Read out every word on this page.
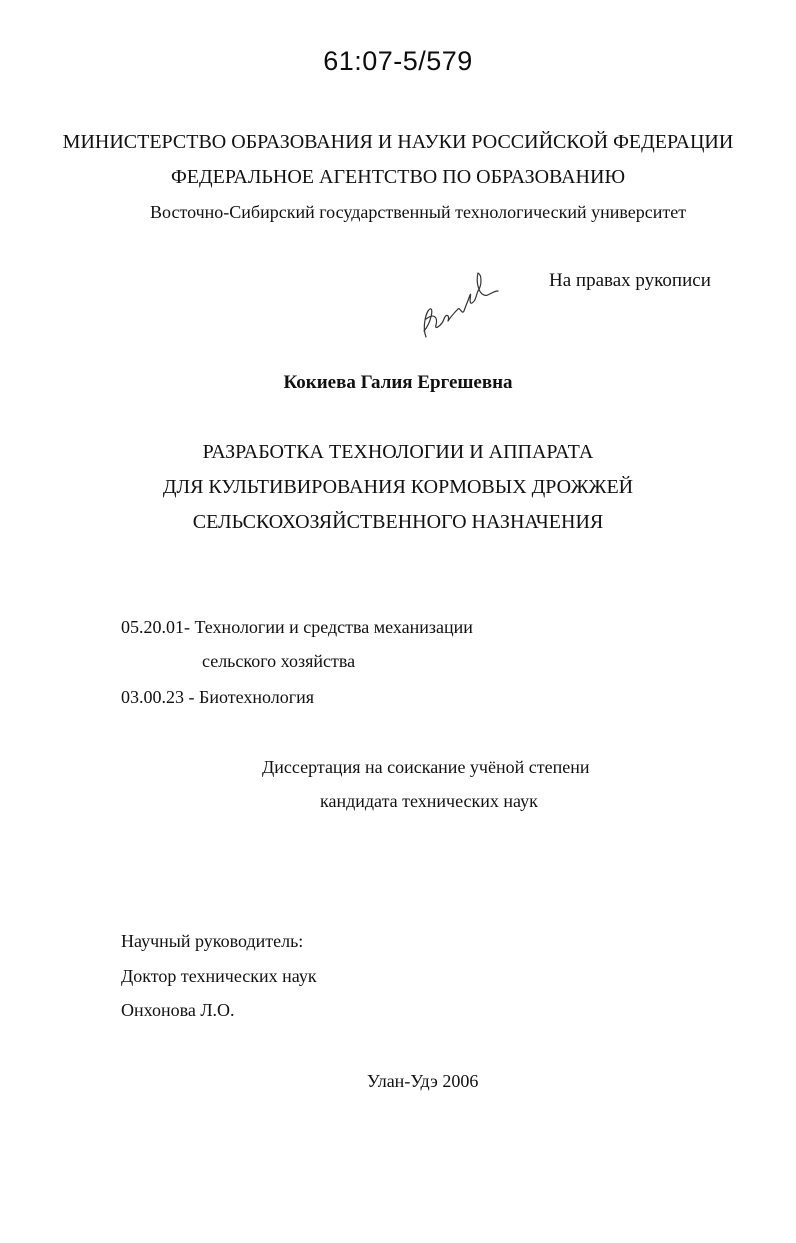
61:07-5/579
МИНИСТЕРСТВО ОБРАЗОВАНИЯ И НАУКИ РОССИЙСКОЙ ФЕДЕРАЦИИ
ФЕДЕРАЛЬНОЕ АГЕНТСТВО ПО ОБРАЗОВАНИЮ
Восточно-Сибирский государственный технологический университет
На правах рукописи
Кокиева Галия Ергешевна
РАЗРАБОТКА ТЕХНОЛОГИИ И АППАРАТА
ДЛЯ КУЛЬТИВИРОВАНИЯ КОРМОВЫХ ДРОЖЖЕЙ
СЕЛЬСКОХОЗЯЙСТВЕННОГО НАЗНАЧЕНИЯ
05.20.01- Технологии и средства механизации
сельского хозяйства
03.00.23 - Биотехнология
Диссертация на соискание учёной степени
кандидата технических наук
Научный руководитель:
Доктор технических наук
Онхонова Л.О.
Улан-Удэ 2006
